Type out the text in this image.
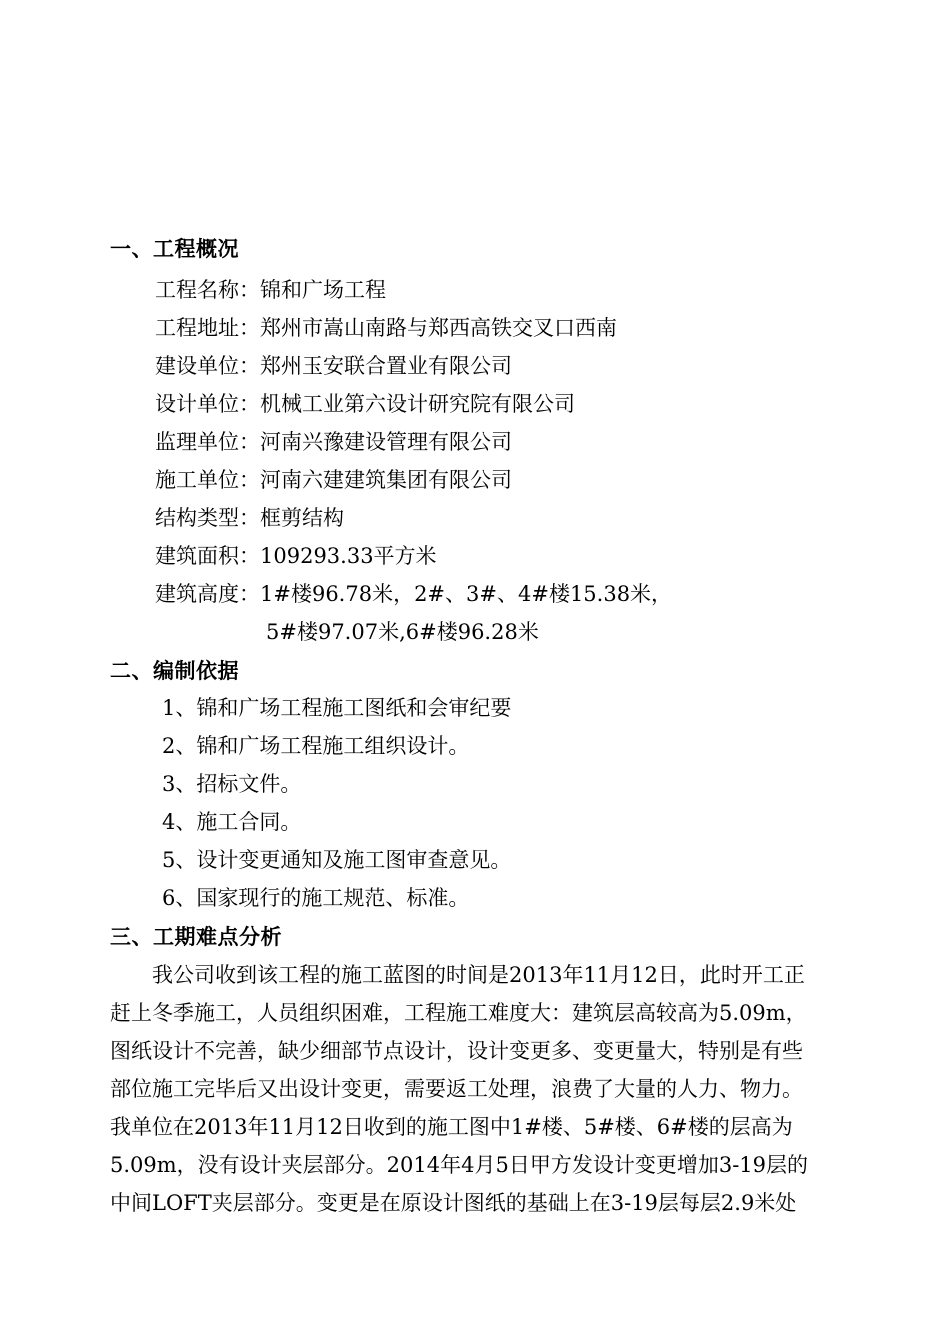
一、工程概况
工程名称：锦和广场工程
工程地址：郑州市嵩山南路与郑西高铁交叉口西南
建设单位：郑州玉安联合置业有限公司
设计单位：机械工业第六设计研究院有限公司
监理单位：河南兴豫建设管理有限公司
施工单位：河南六建建筑集团有限公司
结构类型：框剪结构
建筑面积：109293.33平方米
建筑高度：1#楼96.78米，2#、3#、4#楼15.38米，
5#楼97.07米,6#楼96.28米
二、编制依据
1、锦和广场工程施工图纸和会审纪要
2、锦和广场工程施工组织设计。
3、招标文件。
4、施工合同。
5、设计变更通知及施工图审查意见。
6、国家现行的施工规范、标准。
三、工期难点分析
　　我公司收到该工程的施工蓝图的时间是2013年11月12日，此时开工正
赶上冬季施工，人员组织困难，工程施工难度大：建筑层高较高为5.09m，
图纸设计不完善，缺少细部节点设计，设计变更多、变更量大，特别是有些
部位施工完毕后又出设计变更，需要返工处理，浪费了大量的人力、物力。
我单位在2013年11月12日收到的施工图中1#楼、5#楼、6#楼的层高为
5.09m，没有设计夹层部分。2014年4月5日甲方发设计变更增加3-19层的
中间LOFT夹层部分。变更是在原设计图纸的基础上在3-19层每层2.9米处
